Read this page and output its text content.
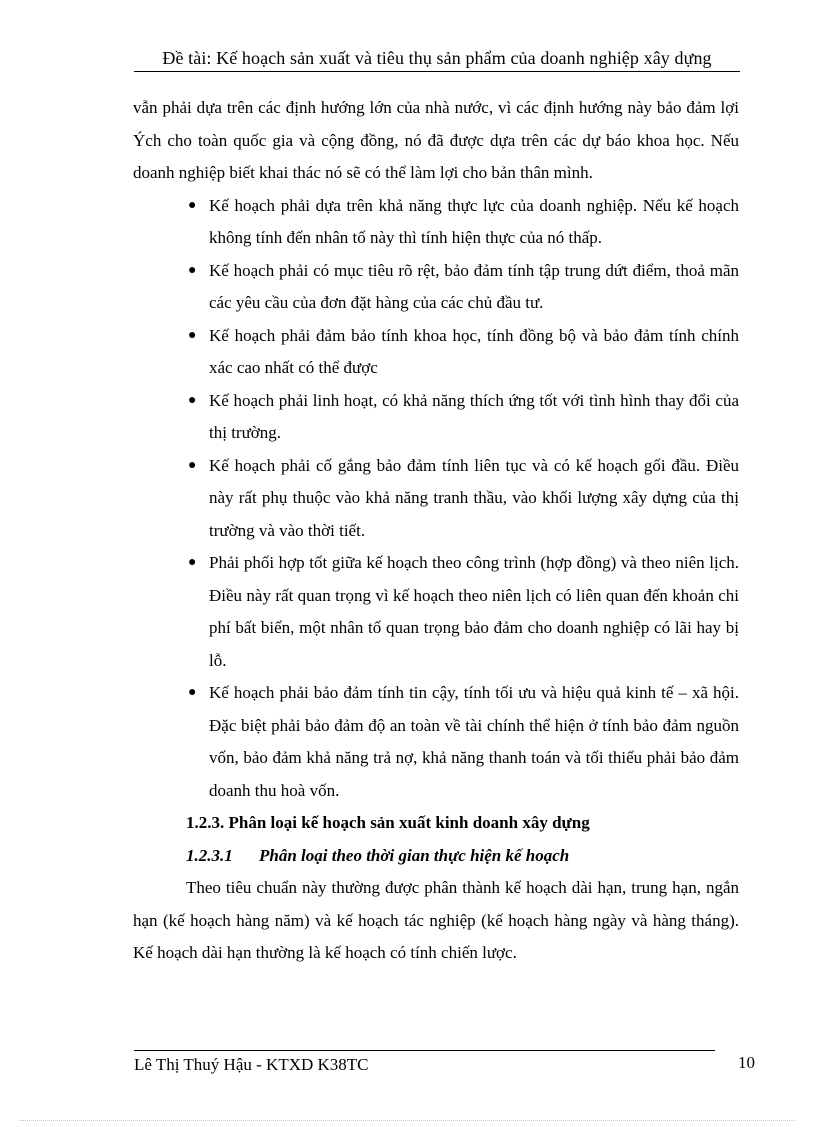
Đề tài: Kế hoạch sản xuất và tiêu thụ sản phẩm của doanh nghiệp xây dựng

vẫn phải dựa trên các định hướng lớn của nhà nước, vì các định hướng này bảo đảm lợi Ých cho toàn quốc gia và cộng đồng, nó đã được dựa trên các dự báo khoa học. Nếu doanh nghiệp biết khai thác nó sẽ có thể làm lợi cho bản thân mình.

● Kế hoạch phải dựa trên khả năng thực lực của doanh nghiệp. Nếu kế hoạch không tính đến nhân tố này thì tính hiện thực của nó thấp.
● Kế hoạch phải có mục tiêu rõ rệt, bảo đảm tính tập trung dứt điểm, thoả mãn các yêu cầu của đơn đặt hàng của các chủ đầu tư.
● Kế hoạch phải đảm bảo tính khoa học, tính đồng bộ và bảo đảm tính chính xác cao nhất có thể được
● Kế hoạch phải linh hoạt, có khả năng thích ứng tốt với tình hình thay đổi của thị trường.
● Kế hoạch phải cố gắng bảo đảm tính liên tục và có kế hoạch gối đầu. Điều này rất phụ thuộc vào khả năng tranh thầu, vào khối lượng xây dựng của thị trường và vào thời tiết.
● Phải phối hợp tốt giữa kế hoạch theo công trình (hợp đồng) và theo niên lịch. Điều này rất quan trọng vì kế hoạch theo niên lịch có liên quan đến khoản chi phí bất biến, một nhân tố quan trọng bảo đảm cho doanh nghiệp có lãi hay bị lỗ.
● Kế hoạch phải bảo đảm tính tin cậy, tính tối ưu và hiệu quả kinh tế – xã hội. Đặc biệt phải bảo đảm độ an toàn về tài chính thể hiện ở tính bảo đảm nguồn vốn, bảo đảm khả năng trả nợ, khả năng thanh toán và tối thiểu phải bảo đảm doanh thu hoà vốn.

1.2.3. Phân loại kế hoạch sản xuất kinh doanh xây dựng

1.2.3.1 Phân loại theo thời gian thực hiện kế hoạch

Theo tiêu chuẩn này thường được phân thành kế hoạch dài hạn, trung hạn, ngắn hạn (kế hoạch hàng năm) và kế hoạch tác nghiệp (kế hoạch hàng ngày và hàng tháng). Kế hoạch dài hạn thường là kế hoạch có tính chiến lược.

Lê Thị Thuý Hậu - KTXD K38TC	10
